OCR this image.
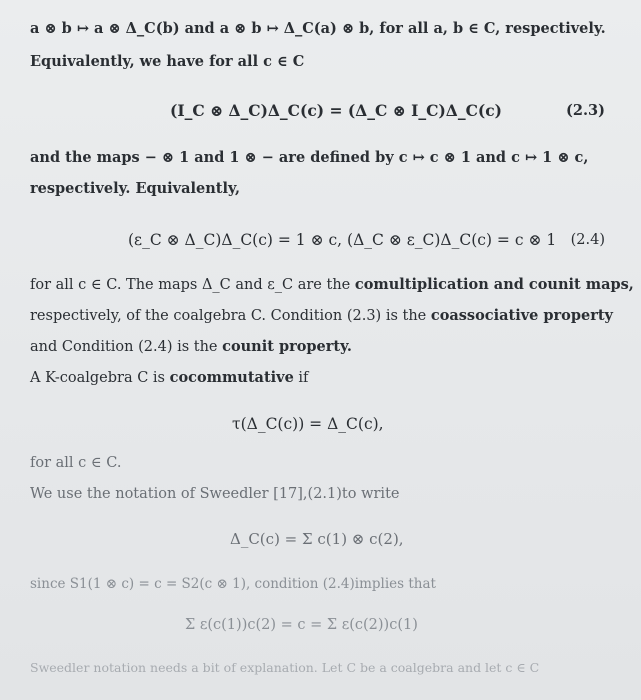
a ⊗ b ↦ a ⊗ Δ_C(b) and a ⊗ b ↦ Δ_C(a) ⊗ b, for all a, b ∈ C, respectively.
Equivalently, we have for all c ∈ C
(I_C ⊗ Δ_C)Δ_C(c) = (Δ_C ⊗ I_C)Δ_C(c)	(2.3)
and the maps − ⊗ 1 and 1 ⊗ − are defined by c ↦ c ⊗ 1 and c ↦ 1 ⊗ c,
respectively. Equivalently,
(ε_C ⊗ Δ_C)Δ_C(c) = 1 ⊗ c, (Δ_C ⊗ ε_C)Δ_C(c) = c ⊗ 1 (2.4)
for all c ∈ C. The maps Δ_C and ε_C are the comultiplication and counit maps,
respectively, of the coalgebra C. Condition (2.3) is the coassociative property
and Condition (2.4) is the counit property.
A K-coalgebra C is cocommutative if
τ(Δ_C(c)) = Δ_C(c),
for all c ∈ C.
We use the notation of Sweedler [17],(2.1)to write
Δ_C(c) = Σ c(1) ⊗ c(2),
since S1(1 ⊗ c) = c = S2(c ⊗ 1), condition (2.4)implies that
Σ ε(c(1))c(2) = c = Σ ε(c(2))c(1)
Sweedler notation needs a bit of explanation. Let C be a coalgebra and let c ∈ C
